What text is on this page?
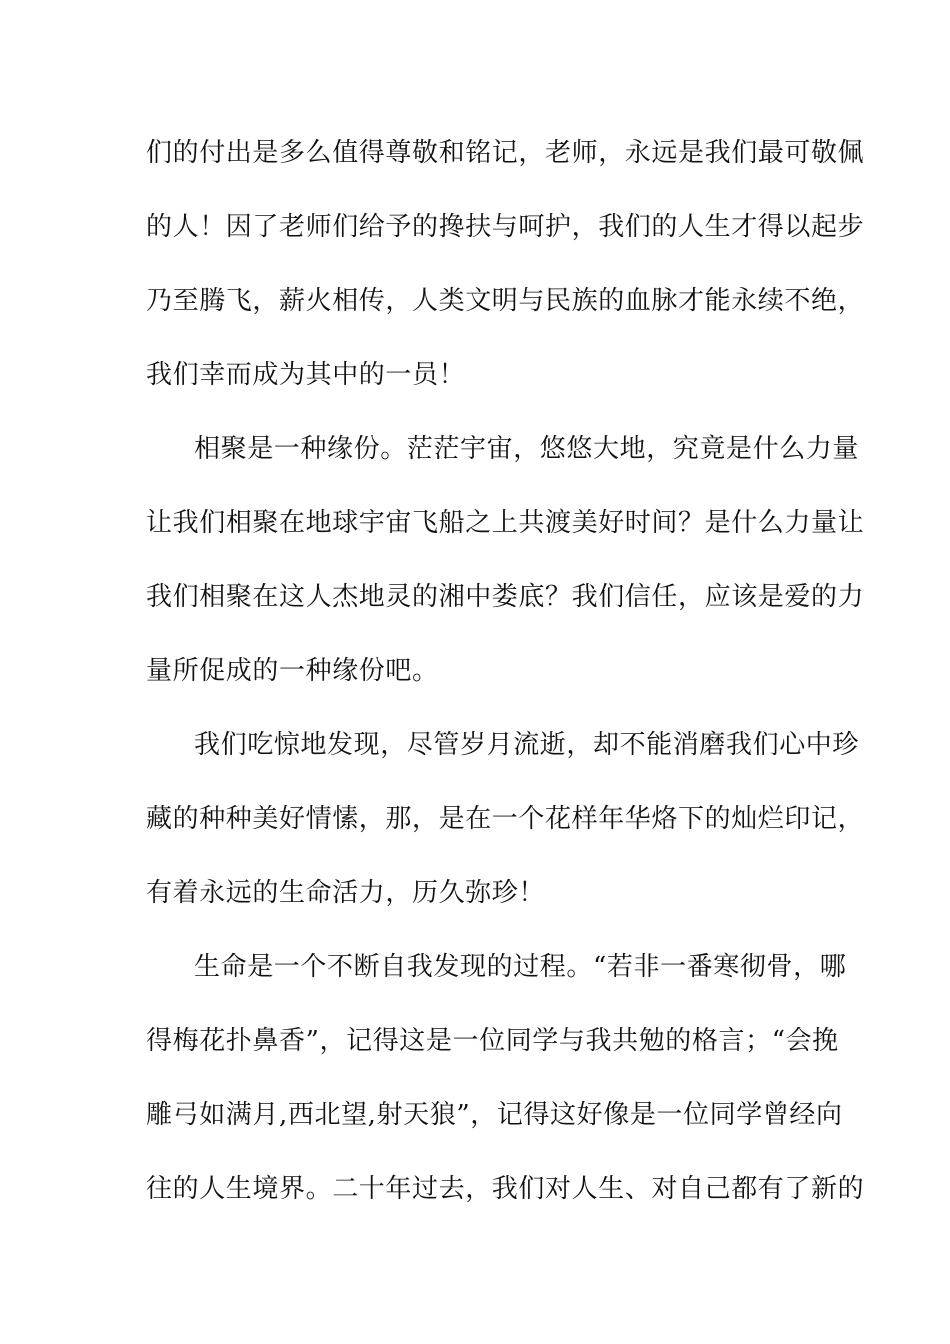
们的付出是多么值得尊敬和铭记，老师，永远是我们最可敬佩
的人！因了老师们给予的搀扶与呵护，我们的人生才得以起步
乃至腾飞，薪火相传，人类文明与民族的血脉才能永续不绝，
我们幸而成为其中的一员！
相聚是一种缘份。茫茫宇宙，悠悠大地，究竟是什么力量
让我们相聚在地球宇宙飞船之上共渡美好时间？是什么力量让
我们相聚在这人杰地灵的湘中娄底？我们信任，应该是爱的力
量所促成的一种缘份吧。
我们吃惊地发现，尽管岁月流逝，却不能消磨我们心中珍
藏的种种美好情愫，那，是在一个花样年华烙下的灿烂印记，
有着永远的生命活力，历久弥珍！
生命是一个不断自我发现的过程。“若非一番寒彻骨，哪
得梅花扑鼻香”，记得这是一位同学与我共勉的格言；“会挽
雕弓如满月,西北望,射天狼”，记得这好像是一位同学曾经向
往的人生境界。二十年过去，我们对人生、对自己都有了新的
